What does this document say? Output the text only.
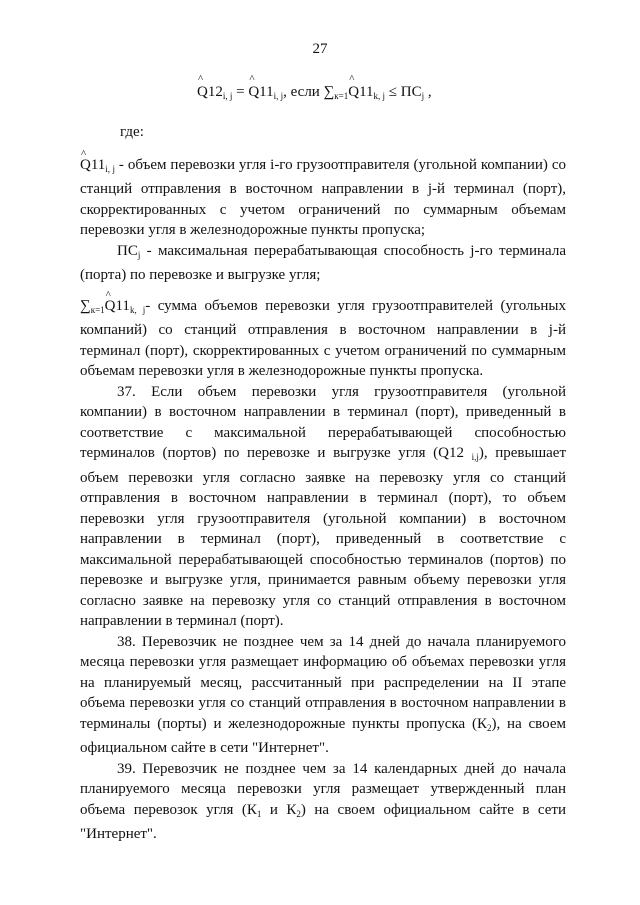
27
^ $Q12_{i, j}$ = ^ $Q11_{i, j}$, если $\sum_{к=1}\^{}$ $Q11_{k, j} \le ПС_j$ ,

где:

^ $Q11_{i, j}$ - объем перевозки угля i-го грузоотправителя (угольной компании) со станций отправления в восточном направлении в j-й терминал (порт), скорректированных с учетом ограничений по суммарным объемам перевозки угля в железнодорожные пункты пропуска;

$ПС_j$ - максимальная перерабатывающая способность j-го терминала (порта) по перевозке и выгрузке угля;

$\sum_{к=1}\^{}$ $Q11_{k, j}-$ сумма объемов перевозки угля грузоотправителей (угольных компаний) со станций отправления в восточном направлении в j-й терминал (порт), скорректированных с учетом ограничений по суммарным объемам перевозки угля в железнодорожные пункты пропуска.

37. Если объем перевозки угля грузоотправителя (угольной компании) в восточном направлении в терминал (порт), приведенный в соответствие с максимальной перерабатывающей способностью терминалов (портов) по перевозке и выгрузке угля (Q12 $_{i,j}$), превышает объем перевозки угля согласно заявке на перевозку угля со станций отправления в восточном направлении в терминал (порт), то объем перевозки угля грузоотправителя (угольной компании) в восточном направлении в терминал (порт), приведенный в соответствие с максимальной перерабатывающей способностью терминалов (портов) по перевозке и выгрузке угля, принимается равным объему перевозки угля согласно заявке на перевозку угля со станций отправления в восточном направлении в терминал (порт).

38. Перевозчик не позднее чем за 14 дней до начала планируемого месяца перевозки угля размещает информацию об объемах перевозки угля на планируемый месяц, рассчитанный при распределении на II этапе объема перевозки угля со станций отправления в восточном направлении в терминалы (порты) и железнодорожные пункты пропуска $(К_2)$, на своем официальном сайте в сети "Интернет".

39. Перевозчик не позднее чем за 14 календарных дней до начала планируемого месяца перевозки угля размещает утвержденный план объема перевозок угля ($К_1$ и $К_2$) на своем официальном сайте в сети "Интернет".
